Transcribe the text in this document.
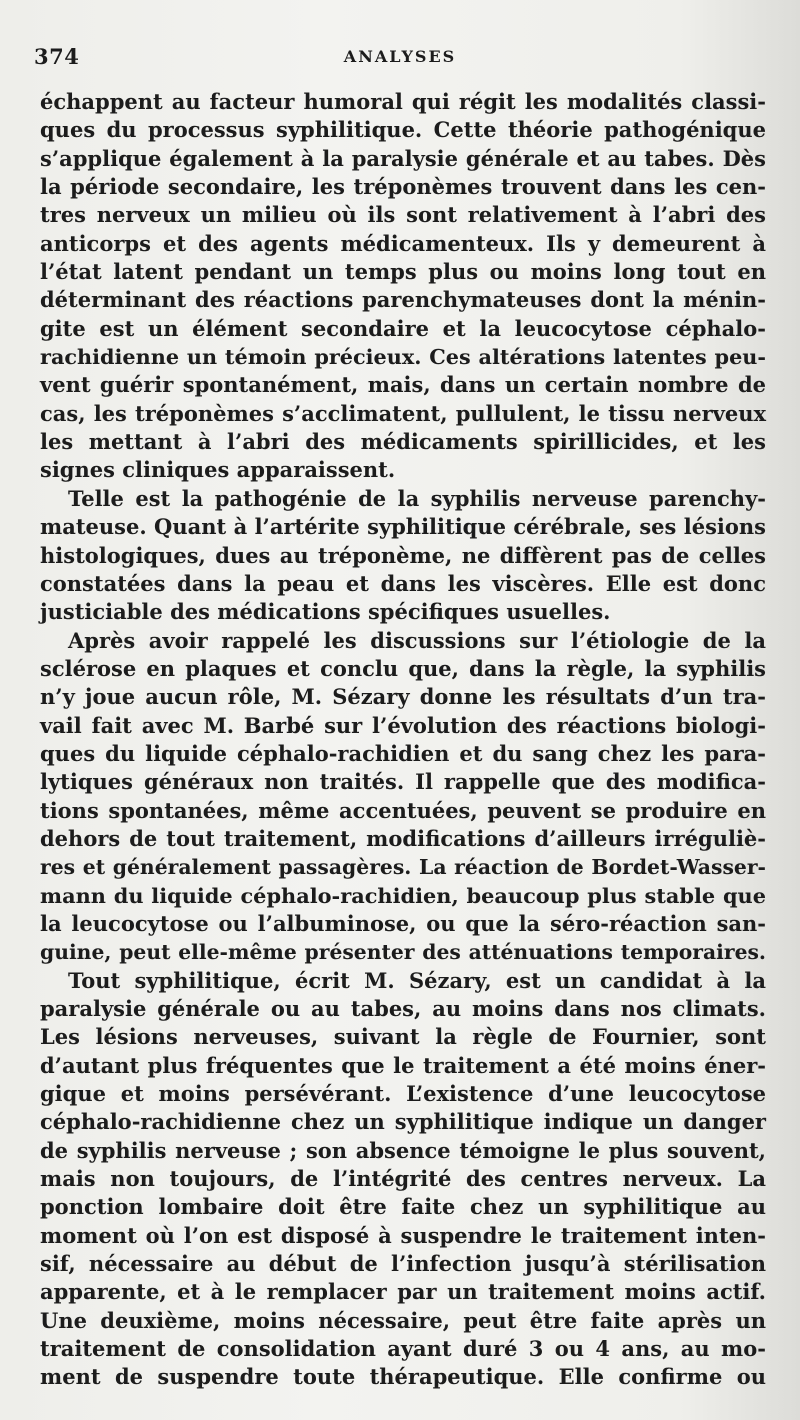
374	ANALYSES
échappent au facteur humoral qui régit les modalités classi-
ques du processus syphilitique. Cette théorie pathogénique
s’applique également à la paralysie générale et au tabes. Dès
la période secondaire, les tréponèmes trouvent dans les cen-
tres nerveux un milieu où ils sont relativement à l’abri des
anticorps et des agents médicamenteux. Ils y demeurent à
l’état latent pendant un temps plus ou moins long tout en
déterminant des réactions parenchymateuses dont la ménin-
gite est un élément secondaire et la leucocytose céphalo-
rachidienne un témoin précieux. Ces altérations latentes peu-
vent guérir spontanément, mais, dans un certain nombre de
cas, les tréponèmes s’acclimatent, pullulent, le tissu nerveux
les mettant à l’abri des médicaments spirillicides, et les
signes cliniques apparaissent.
Telle est la pathogénie de la syphilis nerveuse parenchy-
mateuse. Quant à l’artérite syphilitique cérébrale, ses lésions
histologiques, dues au tréponème, ne diffèrent pas de celles
constatées dans la peau et dans les viscères. Elle est donc
justiciable des médications spécifiques usuelles.
Après avoir rappelé les discussions sur l’étiologie de la
sclérose en plaques et conclu que, dans la règle, la syphilis
n’y joue aucun rôle, M. Sézary donne les résultats d’un tra-
vail fait avec M. Barbé sur l’évolution des réactions biologi-
ques du liquide céphalo-rachidien et du sang chez les para-
lytiques généraux non traités. Il rappelle que des modifica-
tions spontanées, même accentuées, peuvent se produire en
dehors de tout traitement, modifications d’ailleurs irréguliè-
res et généralement passagères. La réaction de Bordet-Wasser-
mann du liquide céphalo-rachidien, beaucoup plus stable que
la leucocytose ou l’albuminose, ou que la séro-réaction san-
guine, peut elle-même présenter des atténuations temporaires.
Tout syphilitique, écrit M. Sézary, est un candidat à la
paralysie générale ou au tabes, au moins dans nos climats.
Les lésions nerveuses, suivant la règle de Fournier, sont
d’autant plus fréquentes que le traitement a été moins éner-
gique et moins persévérant. L’existence d’une leucocytose
céphalo-rachidienne chez un syphilitique indique un danger
de syphilis nerveuse ; son absence témoigne le plus souvent,
mais non toujours, de l’intégrité des centres nerveux. La
ponction lombaire doit être faite chez un syphilitique au
moment où l’on est disposé à suspendre le traitement inten-
sif, nécessaire au début de l’infection jusqu’à stérilisation
apparente, et à le remplacer par un traitement moins actif.
Une deuxième, moins nécessaire, peut être faite après un
traitement de consolidation ayant duré 3 ou 4 ans, au mo-
ment de suspendre toute thérapeutique. Elle confirme ou
